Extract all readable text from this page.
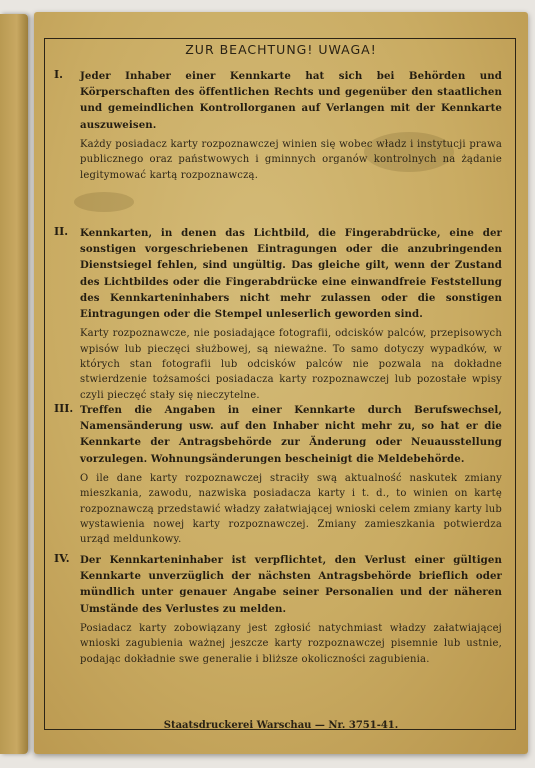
ZUR BEACHTUNG! UWAGA!
I. Jeder Inhaber einer Kennkarte hat sich bei Behörden und Körperschaften des öffentlichen Rechts und gegenüber den staatlichen und gemeindlichen Kontrollorganen auf Verlangen mit der Kennkarte auszuweisen.
Każdy posiadacz karty rozpoznawczej winien się wobec władz i instytucji prawa publicznego oraz państwowych i gminnych organów kontrolnych na żądanie legitymować kartą rozpoznawczą.
II. Kennkarten, in denen das Lichtbild, die Fingerabdrücke, eine der sonstigen vorgeschriebenen Eintragungen oder die anzubringenden Dienstsiegel fehlen, sind ungültig. Das gleiche gilt, wenn der Zustand des Lichtbildes oder die Fingerabdrücke eine einwandfreie Feststellung des Kennkarteninhabers nicht mehr zulassen oder die sonstigen Eintragungen oder die Stempel unleserlich geworden sind.
Karty rozpoznawcze, nie posiadające fotografii, odcisków palców, przepisowych wpisów lub pieczęci służbowej, są nieważne. To samo dotyczy wypadków, w których stan fotografii lub odcisków palców nie pozwala na dokładne stwierdzenie tożsamości posiadacza karty rozpoznawczej lub pozostałe wpisy czyli pieczęć stały się nieczytelne.
III. Treffen die Angaben in einer Kennkarte durch Berufswechsel, Namensänderung usw. auf den Inhaber nicht mehr zu, so hat er die Kennkarte der Antragsbehörde zur Änderung oder Neuausstellung vorzulegen. Wohnungsänderungen bescheinigt die Meldebehörde.
O ile dane karty rozpoznawczej straciły swą aktualność naskutek zmiany mieszkania, zawodu, nazwiska posiadacza karty i t. d., to winien on kartę rozpoznawczą przedstawić władzy załatwiającej wnioski celem zmiany karty lub wystawienia nowej karty rozpoznawczej. Zmiany zamieszkania potwierdza urząd meldunkowy.
IV. Der Kennkarteninhaber ist verpflichtet, den Verlust einer gültigen Kennkarte unverzüglich der nächsten Antragsbehörde brieflich oder mündlich unter genauer Angabe seiner Personalien und der näheren Umstände des Verlustes zu melden.
Posiadacz karty zobowiązany jest zgłosić natychmiast władzy załatwiającej wnioski zagubienia ważnej jeszcze karty rozpoznawczej pisemnie lub ustnie, podając dokładnie swe generalie i bliższe okoliczności zagubienia.
Staatsdruckerei Warschau — Nr. 3751-41.
